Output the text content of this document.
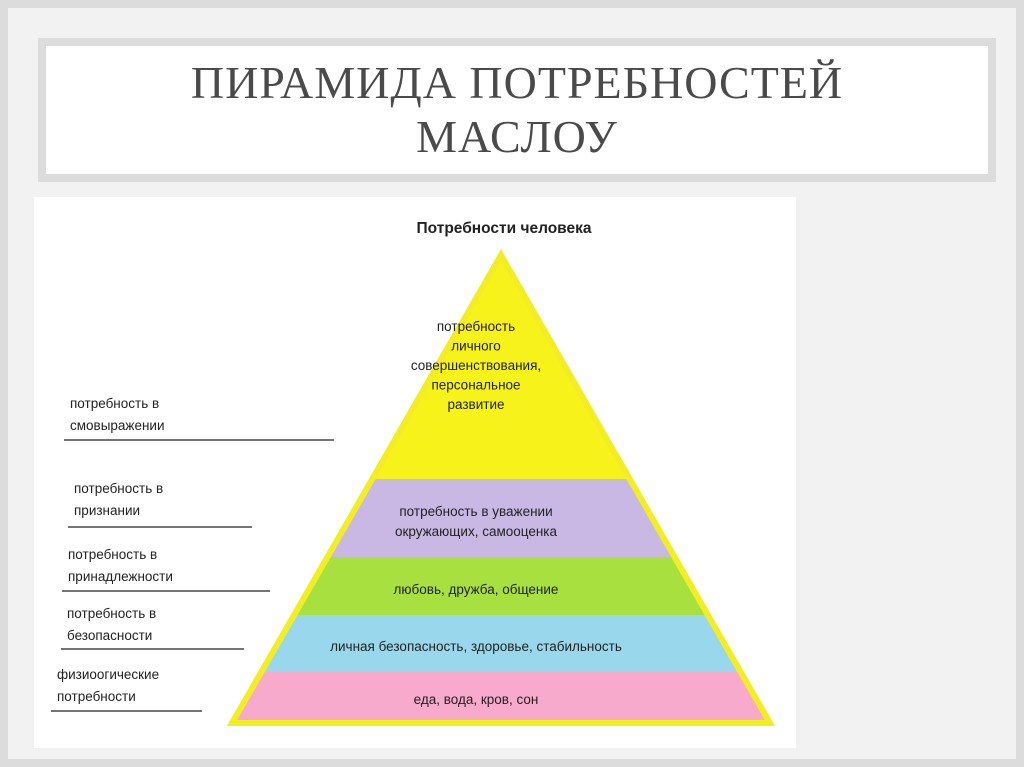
ПИРАМИДА ПОТРЕБНОСТЕЙ МАСЛОУ
Потребности человека
потребность
личного
совершенствования,
персональное
развитие
потребность в уважении
окружающих, самооценка
любовь, дружба, общение
личная безопасность, здоровье, стабильность
еда, вода, кров, сон
потребность в
смовыражении
потребность в
признании
потребность в
принадлежности
потребность в
безопасности
физиоогические
потребности
